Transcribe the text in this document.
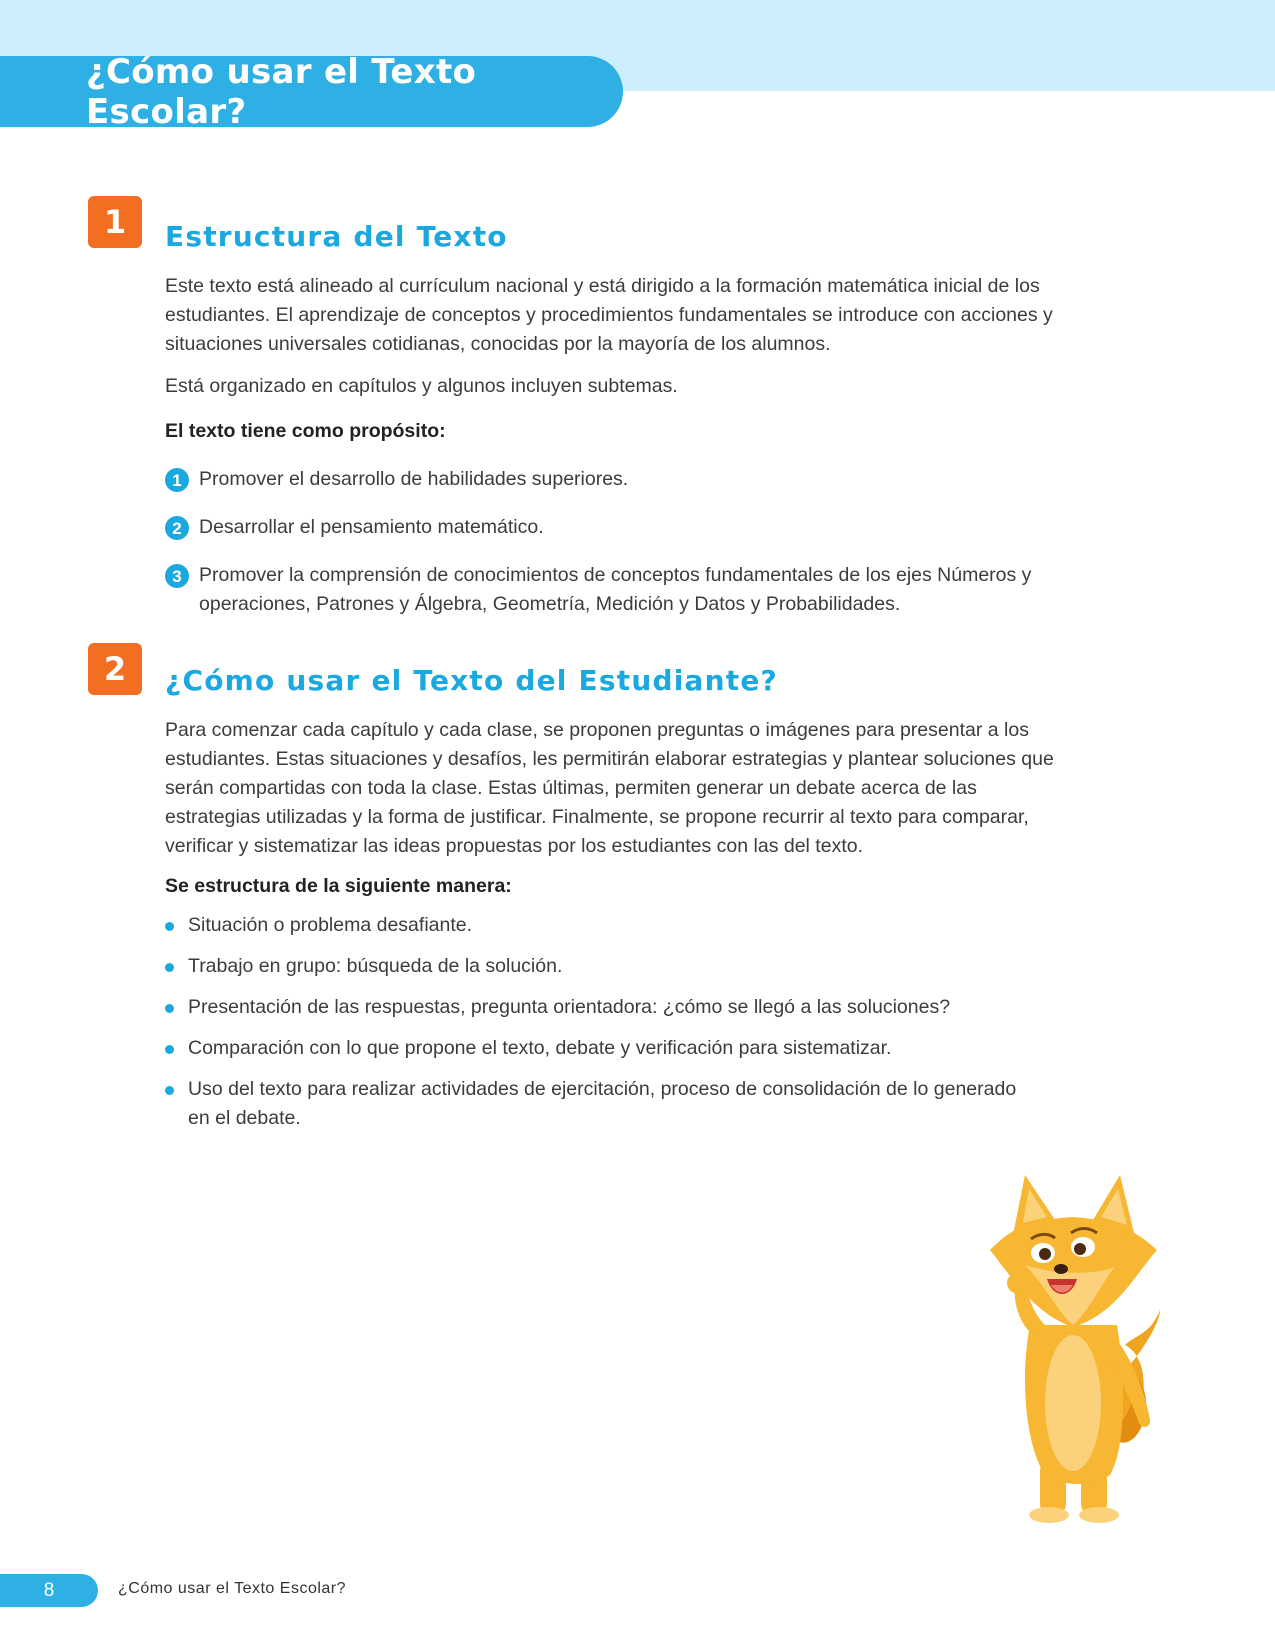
¿Cómo usar el Texto Escolar?
1	Estructura del Texto

Este texto está alineado al currículum nacional y está dirigido a la formación matemática inicial de los estudiantes. El aprendizaje de conceptos y procedimientos fundamentales se introduce con acciones y situaciones universales cotidianas, conocidas por la mayoría de los alumnos.

Está organizado en capítulos y algunos incluyen subtemas.

El texto tiene como propósito:

1 Promover el desarrollo de habilidades superiores.
2 Desarrollar el pensamiento matemático.
3 Promover la comprensión de conocimientos de conceptos fundamentales de los ejes Números y operaciones, Patrones y Álgebra, Geometría, Medición y Datos y Probabilidades.
2	¿Cómo usar el Texto del Estudiante?

Para comenzar cada capítulo y cada clase, se proponen preguntas o imágenes para presentar a los estudiantes. Estas situaciones y desafíos, les permitirán elaborar estrategias y plantear soluciones que serán compartidas con toda la clase. Estas últimas, permiten generar un debate acerca de las estrategias utilizadas y la forma de justificar. Finalmente, se propone recurrir al texto para comparar, verificar y sistematizar las ideas propuestas por los estudiantes con las del texto.

Se estructura de la siguiente manera:

Situación o problema desafiante.
Trabajo en grupo: búsqueda de la solución.
Presentación de las respuestas, pregunta orientadora: ¿cómo se llegó a las soluciones?
Comparación con lo que propone el texto, debate y verificación para sistematizar.
Uso del texto para realizar actividades de ejercitación, proceso de consolidación de lo generado en el debate.
8	¿Cómo usar el Texto Escolar?
